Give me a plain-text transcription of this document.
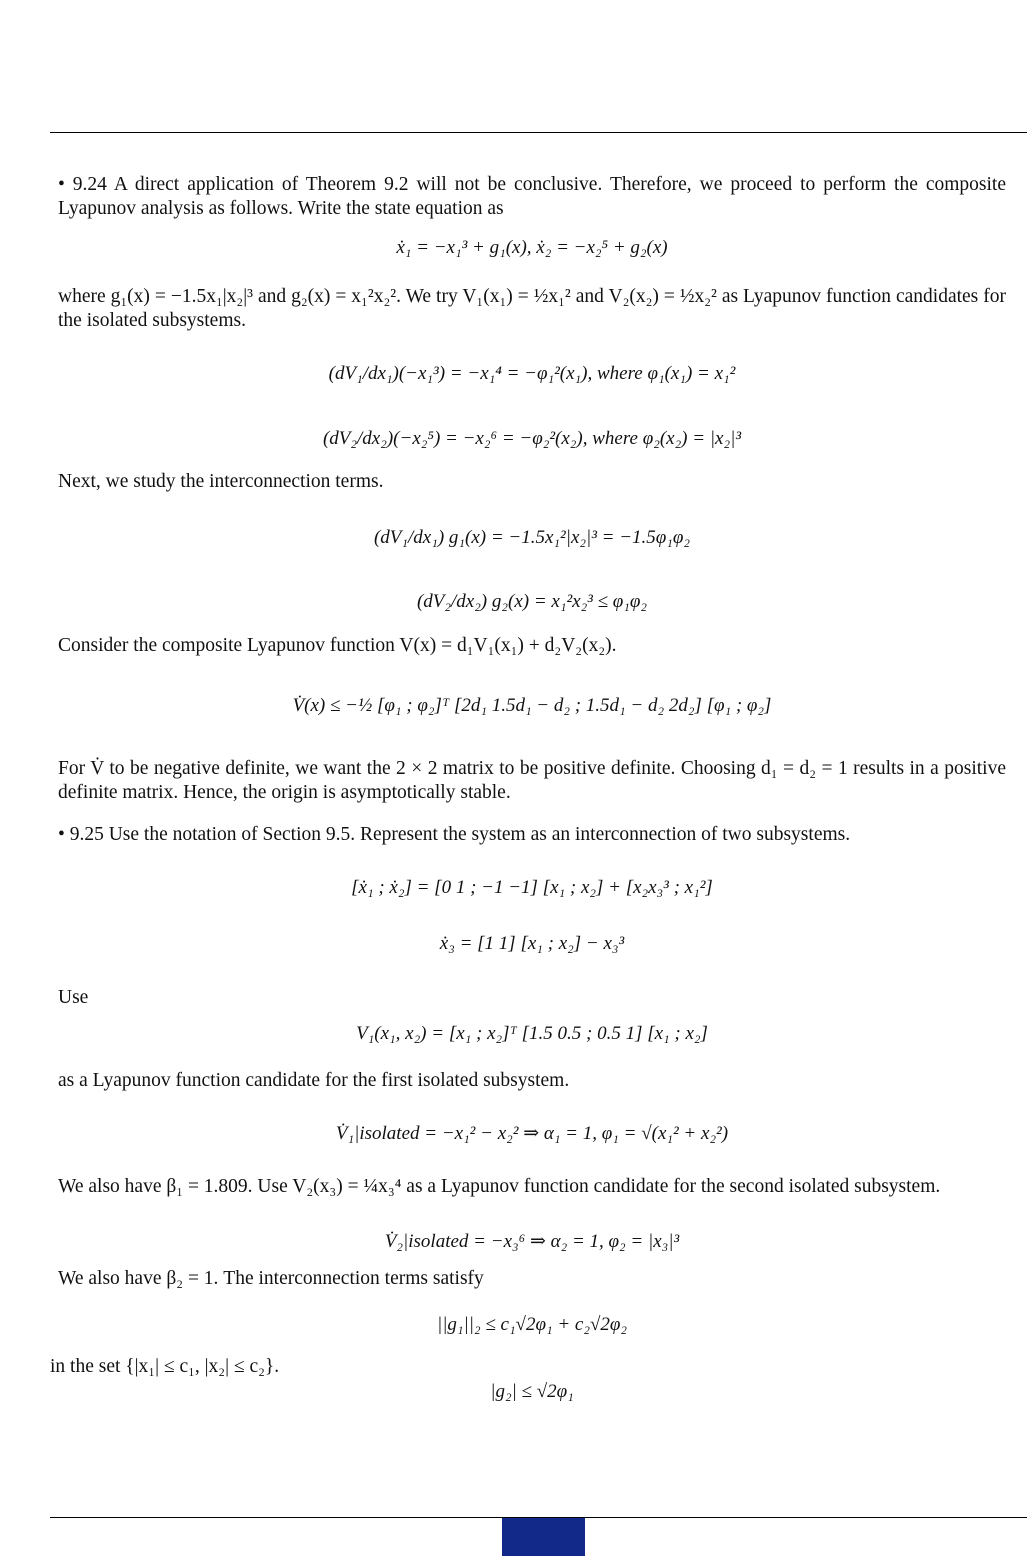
• 9.24 A direct application of Theorem 9.2 will not be conclusive. Therefore, we proceed to perform the composite Lyapunov analysis as follows. Write the state equation as
ẋ₁ = −x₁³ + g₁(x), ẋ₂ = −x₂⁵ + g₂(x)
where g₁(x) = −1.5x₁|x₂|³ and g₂(x) = x₁²x₂². We try V₁(x₁) = ½x₁² and V₂(x₂) = ½x₂² as Lyapunov function candidates for the isolated subsystems.
(dV₁/dx₁)(−x₁³) = −x₁⁴ = −φ₁²(x₁), where φ₁(x₁) = x₁²
(dV₂/dx₂)(−x₂⁵) = −x₂⁶ = −φ₂²(x₂), where φ₂(x₂) = |x₂|³
Next, we study the interconnection terms.
(dV₁/dx₁) g₁(x) = −1.5x₁²|x₂|³ = −1.5φ₁φ₂
(dV₂/dx₂) g₂(x) = x₁²x₂³ ≤ φ₁φ₂
Consider the composite Lyapunov function V(x) = d₁V₁(x₁) + d₂V₂(x₂).
V̇(x) ≤ −½ [φ₁ ; φ₂]ᵀ [2d₁ 1.5d₁ − d₂ ; 1.5d₁ − d₂ 2d₂] [φ₁ ; φ₂]
For V̇ to be negative definite, we want the 2 × 2 matrix to be positive definite. Choosing d₁ = d₂ = 1 results in a positive definite matrix. Hence, the origin is asymptotically stable.
• 9.25 Use the notation of Section 9.5. Represent the system as an interconnection of two subsystems.
[ẋ₁ ; ẋ₂] = [0 1 ; −1 −1] [x₁ ; x₂] + [x₂x₃³ ; x₁²]
ẋ₃ = [1 1] [x₁ ; x₂] − x₃³
Use
V₁(x₁, x₂) = [x₁ ; x₂]ᵀ [1.5 0.5 ; 0.5 1] [x₁ ; x₂]
as a Lyapunov function candidate for the first isolated subsystem.
V̇₁|isolated = −x₁² − x₂² ⇒ α₁ = 1, φ₁ = √(x₁² + x₂²)
We also have β₁ = 1.809. Use V₂(x₃) = ¼x₃⁴ as a Lyapunov function candidate for the second isolated subsystem.
V̇₂|isolated = −x₃⁶ ⇒ α₂ = 1, φ₂ = |x₃|³
We also have β₂ = 1. The interconnection terms satisfy
||g₁||₂ ≤ c₁√2φ₁ + c₂√2φ₂
in the set {|x₁| ≤ c₁, |x₂| ≤ c₂}.
|g₂| ≤ √2φ₁
